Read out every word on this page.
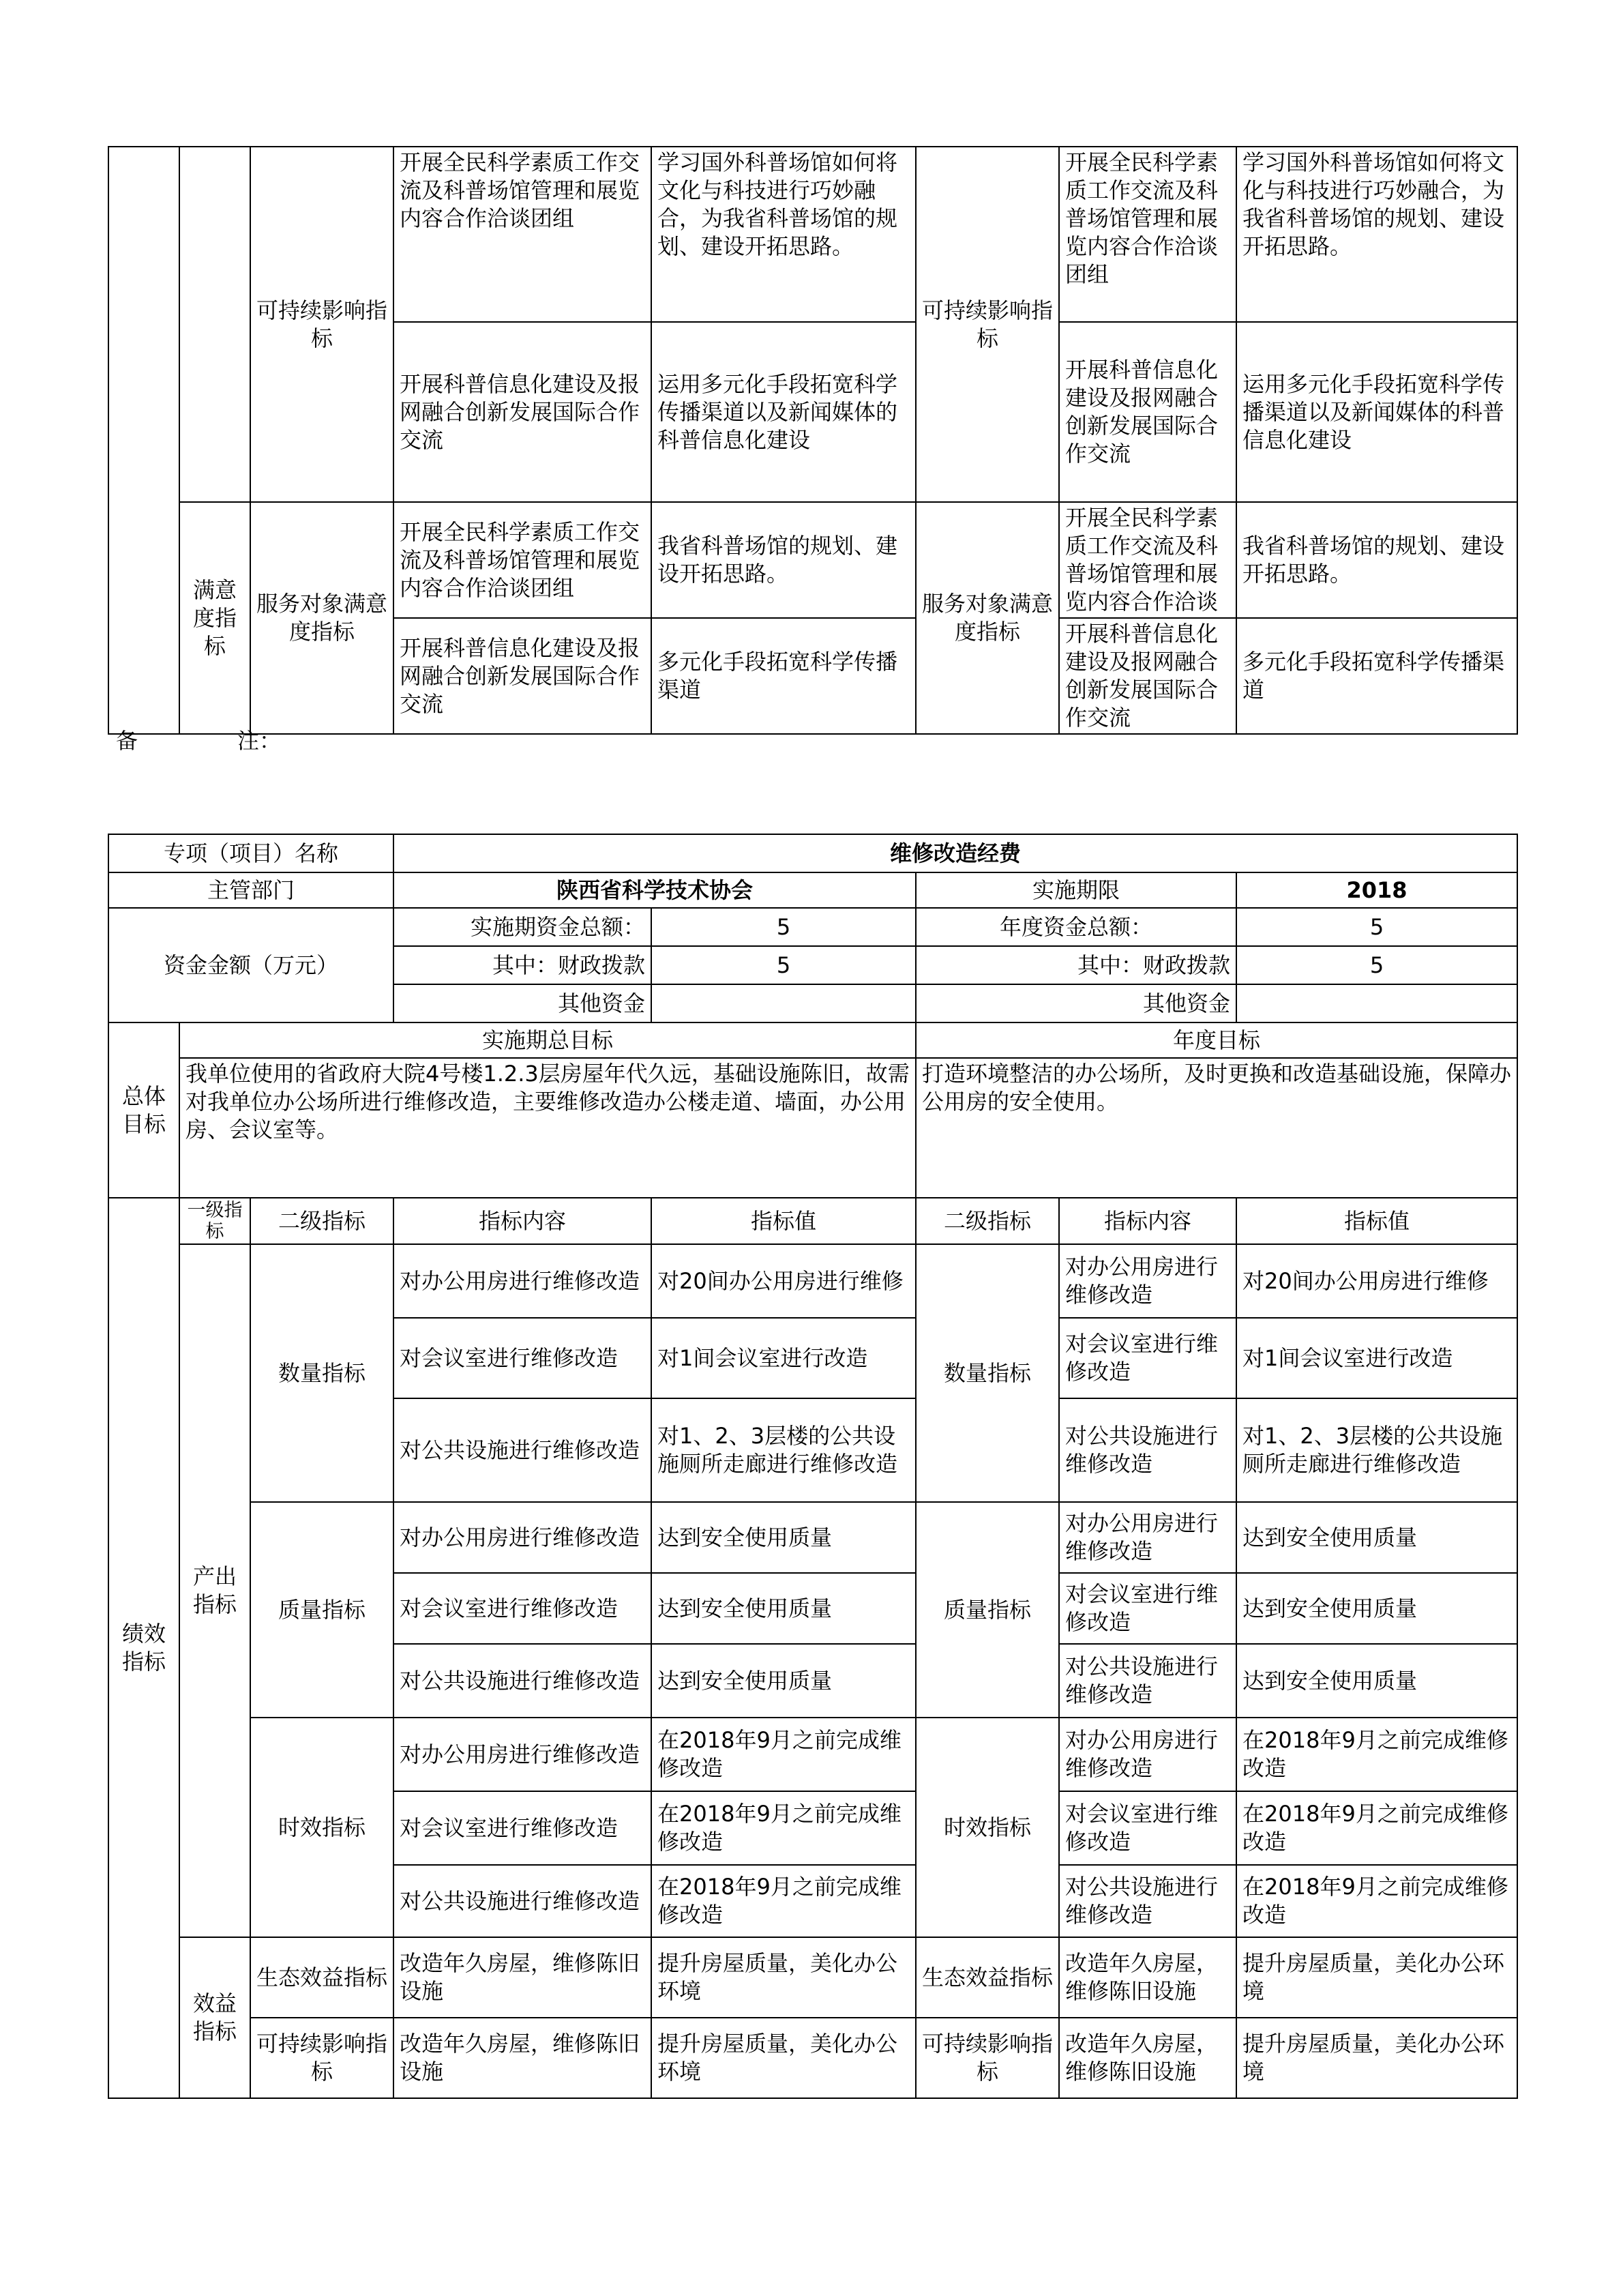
		可持续影响指标	开展全民科学素质工作交流及科普场馆管理和展览内容合作洽谈团组	学习国外科普场馆如何将文化与科技进行巧妙融合，为我省科普场馆的规划、建设开拓思路。	可持续影响指标	开展全民科学素质工作交流及科普场馆管理和展览内容合作洽谈团组	学习国外科普场馆如何将文化与科技进行巧妙融合，为我省科普场馆的规划、建设开拓思路。
			开展科普信息化建设及报网融合创新发展国际合作交流	运用多元化手段拓宽科学传播渠道以及新闻媒体的科普信息化建设		开展科普信息化建设及报网融合创新发展国际合作交流	运用多元化手段拓宽科学传播渠道以及新闻媒体的科普信息化建设
	满意度指标	服务对象满意度指标	开展全民科学素质工作交流及科普场馆管理和展览内容合作洽谈团组	我省科普场馆的规划、建设开拓思路。	服务对象满意度指标	开展全民科学素质工作交流及科普场馆管理和展览内容合作洽谈	我省科普场馆的规划、建设开拓思路。
			开展科普信息化建设及报网融合创新发展国际合作交流	多元化手段拓宽科学传播渠道		开展科普信息化建设及报网融合创新发展国际合作交流	多元化手段拓宽科学传播渠道
备	注：
专项（项目）名称			维修改造经费				
主管部门			陕西省科学技术协会		实施期限		2018
资金金额（万元）			实施期资金总额：	5	年度资金总额：		5
			其中：财政拨款	5	其中：财政拨款		5
			其他资金		其他资金		
总体目标	实施期总目标				年度目标		
	我单位使用的省政府大院4号楼1.2.3层房屋年代久远，基础设施陈旧，故需对我单位办公场所进行维修改造，主要维修改造办公楼走道、墙面，办公用房、会议室等。				打造环境整洁的办公场所，及时更换和改造基础设施，保障办公用房的安全使用。		
绩效指标	一级指标	二级指标	指标内容	指标值	二级指标	指标内容	指标值
	产出指标	数量指标	对办公用房进行维修改造	对20间办公用房进行维修	数量指标	对办公用房进行维修改造	对20间办公用房进行维修
			对会议室进行维修改造	对1间会议室进行改造		对会议室进行维修改造	对1间会议室进行改造
			对公共设施进行维修改造	对1、2、3层楼的公共设施厕所走廊进行维修改造		对公共设施进行维修改造	对1、2、3层楼的公共设施厕所走廊进行维修改造
		质量指标	对办公用房进行维修改造	达到安全使用质量	质量指标	对办公用房进行维修改造	达到安全使用质量
			对会议室进行维修改造	达到安全使用质量		对会议室进行维修改造	达到安全使用质量
			对公共设施进行维修改造	达到安全使用质量		对公共设施进行维修改造	达到安全使用质量
		时效指标	对办公用房进行维修改造	在2018年9月之前完成维修改造	时效指标	对办公用房进行维修改造	在2018年9月之前完成维修改造
			对会议室进行维修改造	在2018年9月之前完成维修改造		对会议室进行维修改造	在2018年9月之前完成维修改造
			对公共设施进行维修改造	在2018年9月之前完成维修改造		对公共设施进行维修改造	在2018年9月之前完成维修改造
	效益指标	生态效益指标	改造年久房屋，维修陈旧设施	提升房屋质量，美化办公环境	生态效益指标	改造年久房屋，维修陈旧设施	提升房屋质量，美化办公环境
		可持续影响指标	改造年久房屋，维修陈旧设施	提升房屋质量，美化办公环境	可持续影响指标	改造年久房屋，维修陈旧设施	提升房屋质量，美化办公环境
